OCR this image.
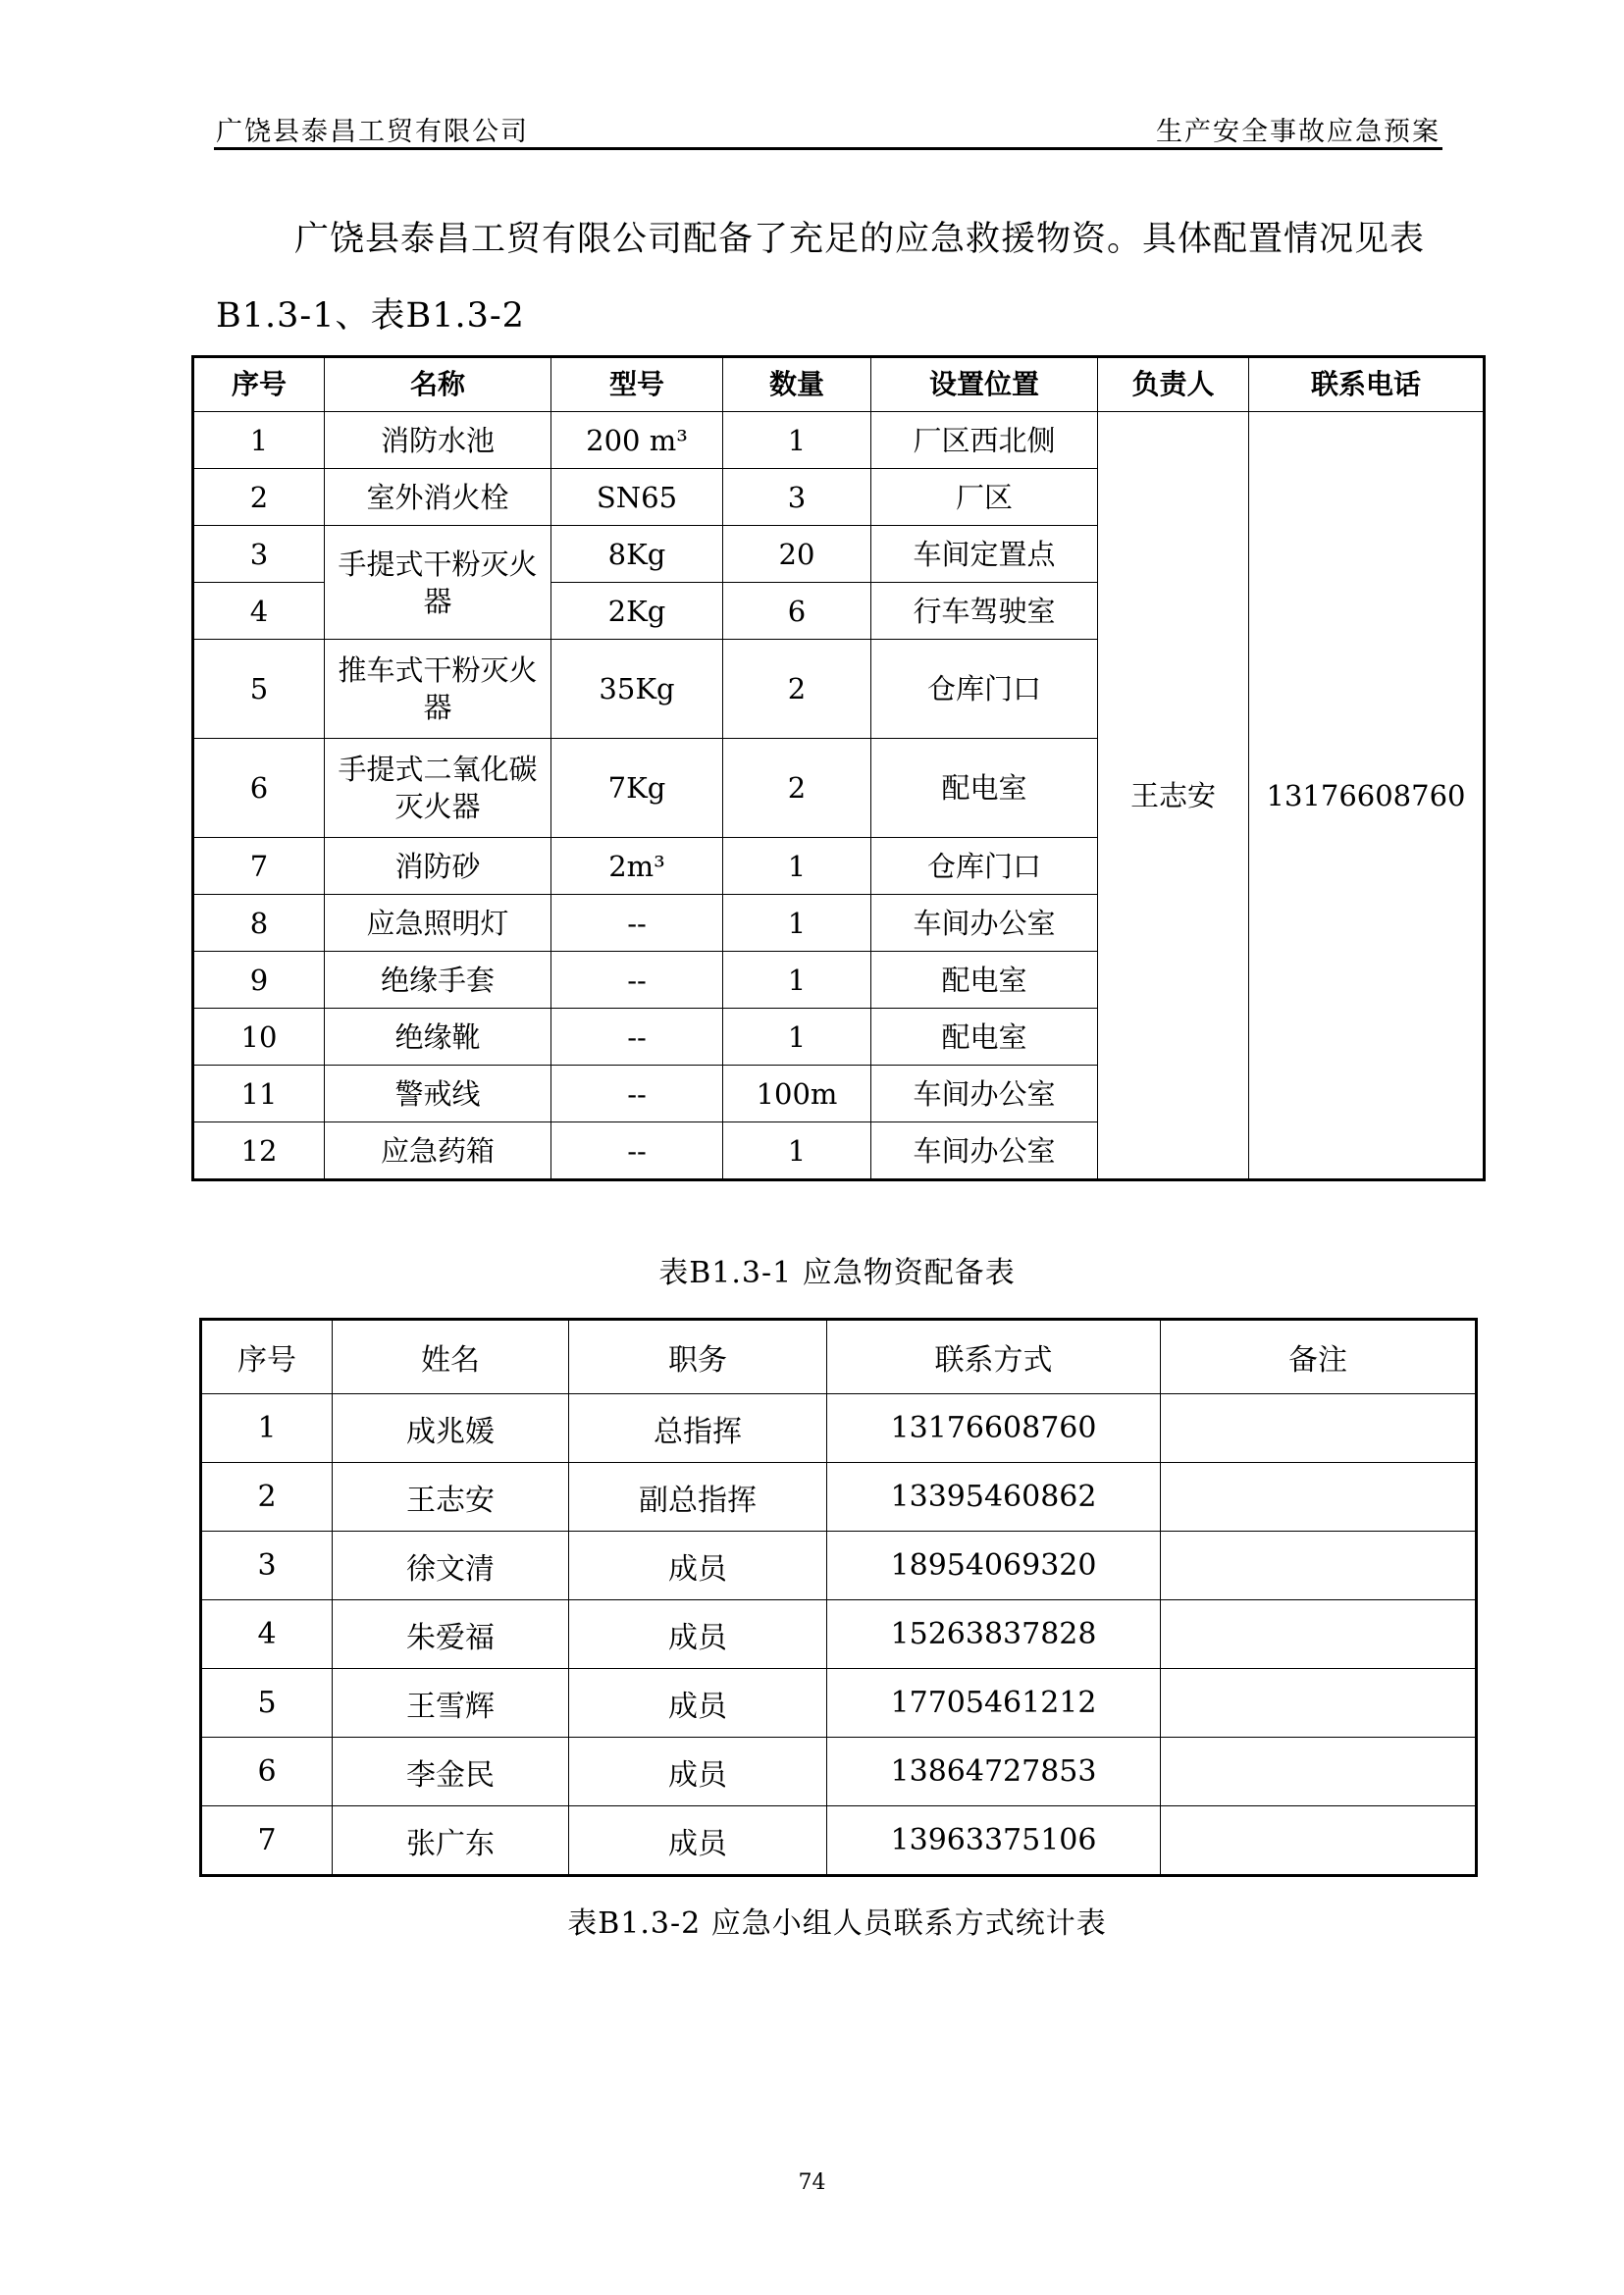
广饶县泰昌工贸有限公司	生产安全事故应急预案
广饶县泰昌工贸有限公司配备了充足的应急救援物资。具体配置情况见表B1.3-1、表B1.3-2
序号	名称	型号	数量	设置位置	负责人	联系电话
1	消防水池	200 m³	1	厂区西北侧	王志安	13176608760
2	室外消火栓	SN65	3	厂区		
3	手提式干粉灭火器	8Kg	20	车间定置点		
4		2Kg	6	行车驾驶室		
5	推车式干粉灭火器	35Kg	2	仓库门口		
6	手提式二氧化碳灭火器	7Kg	2	配电室		
7	消防砂	2m³	1	仓库门口		
8	应急照明灯	--	1	车间办公室		
9	绝缘手套	--	1	配电室		
10	绝缘靴	--	1	配电室		
11	警戒线	--	100m	车间办公室		
12	应急药箱	--	1	车间办公室		
表B1.3-1 应急物资配备表
序号	姓名	职务	联系方式	备注
1	成兆媛	总指挥	13176608760	
2	王志安	副总指挥	13395460862	
3	徐文清	成员	18954069320	
4	朱爱福	成员	15263837828	
5	王雪辉	成员	17705461212	
6	李金民	成员	13864727853	
7	张广东	成员	13963375106	
表B1.3-2 应急小组人员联系方式统计表
74
